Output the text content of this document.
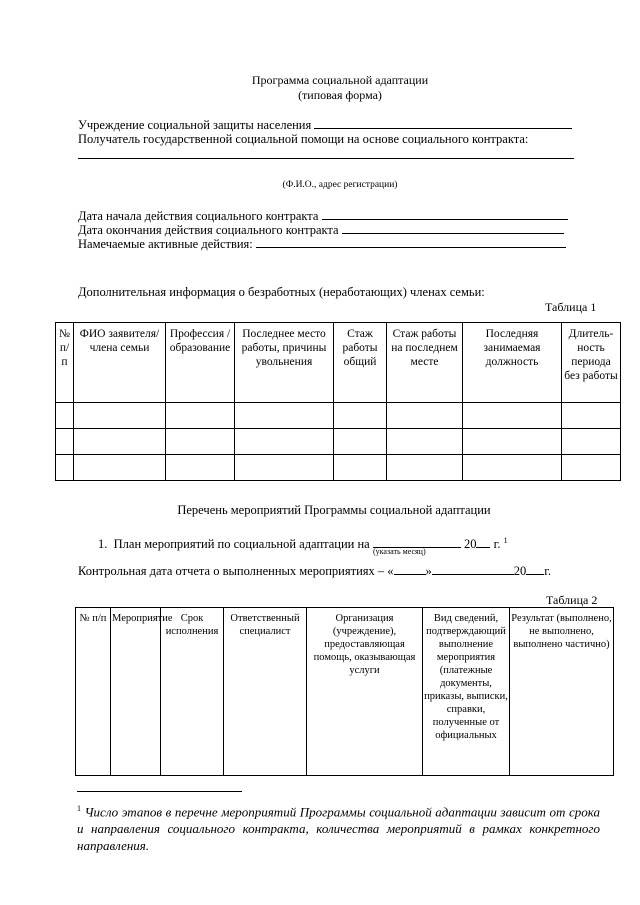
Программа социальной адаптации
(типовая форма)
Учреждение социальной защиты населения
Получатель государственной социальной помощи на основе социального контракта:
(Ф.И.О., адрес регистрации)
Дата начала действия социального контракта
Дата окончания действия социального контракта
Намечаемые активные действия:
Дополнительная информация о безработных (неработающих) членах семьи:
Таблица 1
№ п/п	ФИО заявителя/ члена семьи	Профессия /образование	Последнее место работы, причины увольнения	Стаж работы общий	Стаж работы на последнем месте	Последняя занимаемая должность	Длитель- ность периода без работы

Перечень мероприятий Программы социальной адаптации
1. План мероприятий по социальной адаптации на	20 г. $^1$
(указать месяц)
Контрольная дата отчета о выполненных мероприятиях – «	»	20 г.
Таблица 2
№ п/п	Мероприятие	Срок исполнения	Ответственный специалист	Организация (учреждение), предоставляющая помощь, оказывающая услуги	Вид сведений, подтверждающий выполнение мероприятия (платежные документы, приказы, выписки, справки, полученные от официальных	Результат (выполнено, не выполнено, выполнено частично)
$^1$ Число этапов в перечне мероприятий Программы социальной адаптации зависит от срока и направления социального контракта, количества мероприятий в рамках конкретного направления.
